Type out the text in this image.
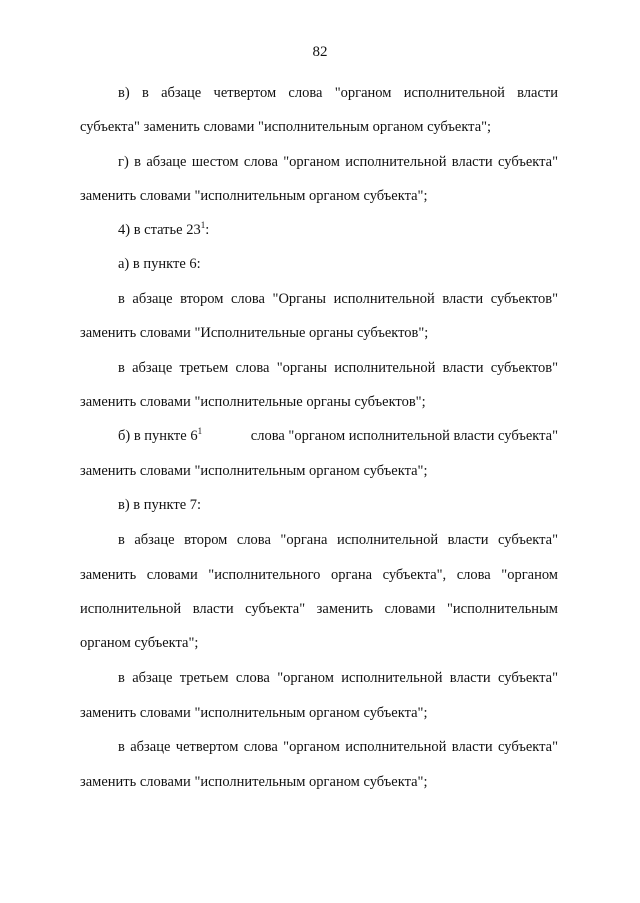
82
в) в абзаце четвертом слова "органом исполнительной власти
субъекта" заменить словами "исполнительным органом субъекта";
г) в абзаце шестом слова "органом исполнительной власти субъекта"
заменить словами "исполнительным органом субъекта";
4) в статье $23^1$:
а) в пункте 6:
в абзаце втором слова "Органы исполнительной власти субъектов"
заменить словами "Исполнительные органы субъектов";
в абзаце третьем слова "органы исполнительной власти субъектов"
заменить словами "исполнительные органы субъектов";
б) в пункте $6^1$	слова "органом исполнительной власти субъекта"
заменить словами "исполнительным органом субъекта";
в) в пункте 7:
в абзаце втором слова "органа исполнительной власти субъекта"
заменить словами "исполнительного органа субъекта", слова "органом
исполнительной власти субъекта" заменить словами "исполнительным
органом субъекта";
в абзаце третьем слова "органом исполнительной власти субъекта"
заменить словами "исполнительным органом субъекта";
в абзаце четвертом слова "органом исполнительной власти субъекта"
заменить словами "исполнительным органом субъекта";
